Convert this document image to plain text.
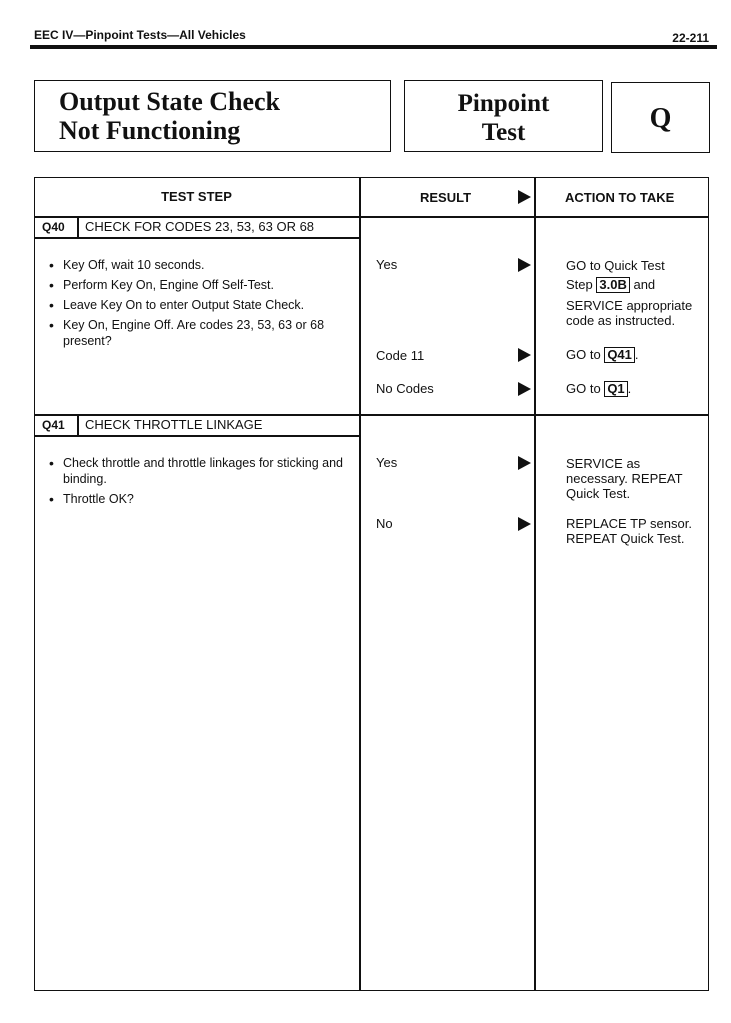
EEC IV—Pinpoint Tests—All Vehicles	22-211
Output State Check
Not Functioning
Pinpoint
Test	Q
TEST STEP	RESULT	ACTION TO TAKE
Q40 CHECK FOR CODES 23, 53, 63 OR 68
• Key Off, wait 10 seconds.
• Perform Key On, Engine Off Self-Test.
• Leave Key On to enter Output State Check.
• Key On, Engine Off. Are codes 23, 53, 63 or 68 present?
Yes	GO to Quick Test
Step 3.0B and
SERVICE appropriate code as instructed.
Code 11	GO to Q41 .
No Codes	GO to Q1 .
Q41 CHECK THROTTLE LINKAGE
• Check throttle and throttle linkages for sticking and binding.
• Throttle OK?
Yes	SERVICE as necessary. REPEAT Quick Test.
No	REPLACE TP sensor. REPEAT Quick Test.
